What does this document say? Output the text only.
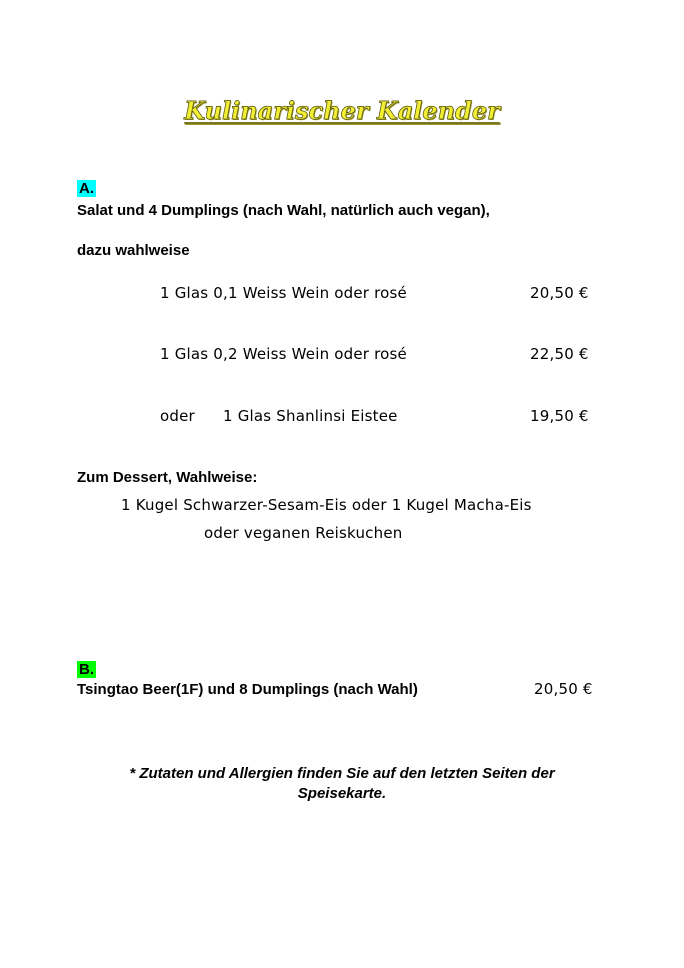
Kulinarischer Kalender
A.
Salat und 4 Dumplings (nach Wahl, natürlich auch vegan),
dazu wahlweise
1 Glas 0,1 Weiss Wein oder rosé	20,50 €
1 Glas 0,2 Weiss Wein oder rosé	22,50 €
oder 1 Glas Shanlinsi Eistee	19,50 €
Zum Dessert, Wahlweise:
1 Kugel Schwarzer-Sesam-Eis oder 1 Kugel Macha-Eis
oder veganen Reiskuchen
B.
Tsingtao Beer(1F) und 8 Dumplings (nach Wahl)	20,50 €
* Zutaten und Allergien finden Sie auf den letzten Seiten der
Speisekarte.
